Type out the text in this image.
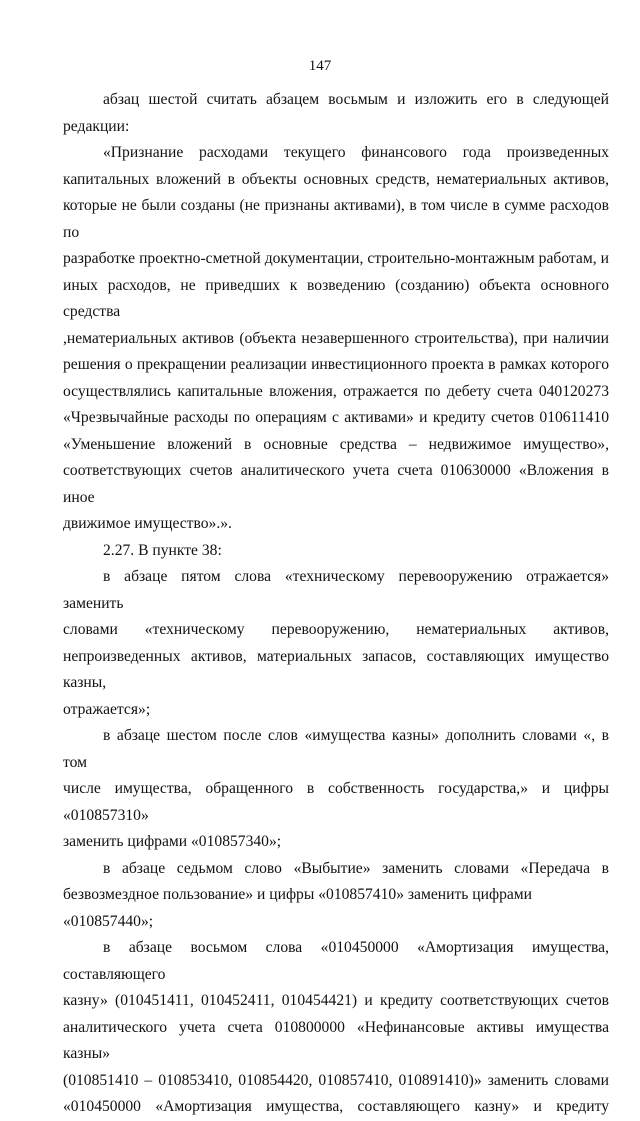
147

абзац шестой считать абзацем восьмым и изложить его в следующей
редакции:

«Признание расходами текущего финансового года произведенных
капитальных вложений в объекты основных средств, нематериальных активов,
которые не были созданы (не признаны активами), в том числе в сумме расходов по
разработке проектно-сметной документации, строительно-монтажным работам, и
иных расходов, не приведших к возведению (созданию) объекта основного средства
,нематериальных активов (объекта незавершенного строительства), при наличии
решения о прекращении реализации инвестиционного проекта в рамках которого
осуществлялись капитальные вложения, отражается по дебету счета 040120273
«Чрезвычайные расходы по операциям с активами» и кредиту счетов 010611410
«Уменьшение вложений в основные средства – недвижимое имущество»,
соответствующих счетов аналитического учета счета 010630000 «Вложения в иное
движимое имущество».».

2.27. В пункте 38:

в абзаце пятом слова «техническому перевооружению отражается» заменить
словами «техническому перевооружению, нематериальных активов,
непроизведенных активов, материальных запасов, составляющих имущество казны,
отражается»;

в абзаце шестом после слов «имущества казны» дополнить словами «, в том
числе имущества, обращенного в собственность государства,» и цифры «010857310»
заменить цифрами «010857340»;

в абзаце седьмом слово «Выбытие» заменить словами «Передача в
безвозмездное пользование» и цифры «010857410» заменить цифрами «010857440»;

в абзаце восьмом слова «010450000 «Амортизация имущества, составляющего
казну» (010451411, 010452411, 010454421) и кредиту соответствующих счетов
аналитического учета счета 010800000 «Нефинансовые активы имущества казны»
(010851410 – 010853410, 010854420, 010857410, 010891410)» заменить словами
«010450000 «Амортизация имущества, составляющего казну» и кредиту
